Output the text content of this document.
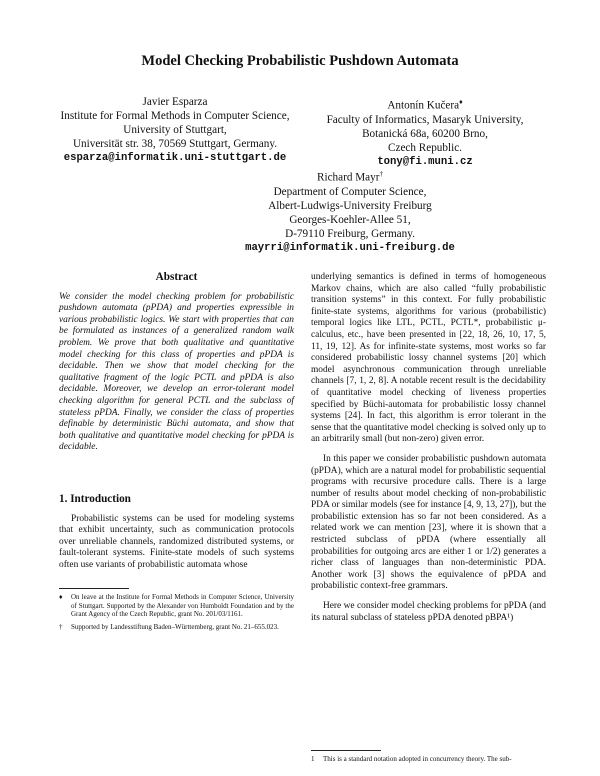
Model Checking Probabilistic Pushdown Automata
Javier Esparza
Institute for Formal Methods in Computer Science,
University of Stuttgart,
Universität str. 38, 70569 Stuttgart, Germany.
esparza@informatik.uni-stuttgart.de
Antonín Kučera♦
Faculty of Informatics, Masaryk University,
Botanická 68a, 60200 Brno,
Czech Republic.
tony@fi.muni.cz
Richard Mayr†
Department of Computer Science,
Albert-Ludwigs-University Freiburg
Georges-Koehler-Allee 51,
D-79110 Freiburg, Germany.
mayrri@informatik.uni-freiburg.de
Abstract

We consider the model checking problem for probabilistic pushdown automata (pPDA) and properties expressible in various probabilistic logics. We start with properties that can be formulated as instances of a generalized random walk problem. We prove that both qualitative and quantitative model checking for this class of properties and pPDA is decidable. Then we show that model checking for the qualitative fragment of the logic PCTL and pPDA is also decidable. Moreover, we develop an error-tolerant model checking algorithm for general PCTL and the subclass of stateless pPDA. Finally, we consider the class of properties definable by deterministic Büchi automata, and show that both qualitative and quantitative model checking for pPDA is decidable.

1. Introduction

Probabilistic systems can be used for modeling systems that exhibit uncertainty, such as communication protocols over unreliable channels, randomized distributed systems, or fault-tolerant systems. Finite-state models of such systems often use variants of probabilistic automata whose

♦ On leave at the Institute for Formal Methods in Computer Science, University of Stuttgart. Supported by the Alexander von Humboldt Foundation and by the Grant Agency of the Czech Republic, grant No. 201/03/1161.
† Supported by Landesstiftung Baden–Württemberg, grant No. 21–655.023.

underlying semantics is defined in terms of homogeneous Markov chains, which are also called “fully probabilistic transition systems” in this context. For fully probabilistic finite-state systems, algorithms for various (probabilistic) temporal logics like LTL, PCTL, PCTL*, probabilistic μ-calculus, etc., have been presented in [22, 18, 26, 10, 17, 5, 11, 19, 12]. As for infinite-state systems, most works so far considered probabilistic lossy channel systems [20] which model asynchronous communication through unreliable channels [7, 1, 2, 8]. A notable recent result is the decidability of quantitative model checking of liveness properties specified by Büchi-automata for probabilistic lossy channel systems [24]. In fact, this algorithm is error tolerant in the sense that the quantitative model checking is solved only up to an arbitrarily small (but non-zero) given error.

In this paper we consider probabilistic pushdown automata (pPDA), which are a natural model for probabilistic sequential programs with recursive procedure calls. There is a large number of results about model checking of non-probabilistic PDA or similar models (see for instance [4, 9, 13, 27]), but the probabilistic extension has so far not been considered. As a related work we can mention [23], where it is shown that a restricted subclass of pPDA (where essentially all probabilities for outgoing arcs are either 1 or 1/2) generates a richer class of languages than non-deterministic PDA. Another work [3] shows the equivalence of pPDA and probabilistic context-free grammars.

Here we consider model checking problems for pPDA (and its natural subclass of stateless pPDA denoted pBPA¹)

1 This is a standard notation adopted in concurrency theory. The sub-
